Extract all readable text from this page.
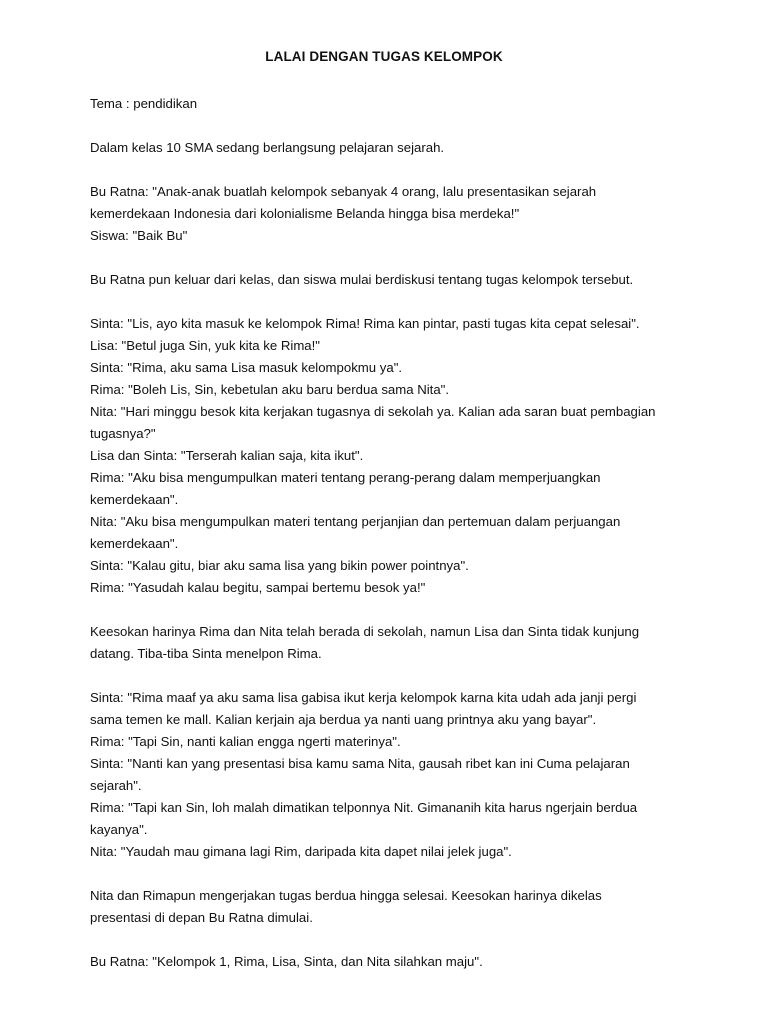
LALAI DENGAN TUGAS KELOMPOK
Tema : pendidikan
Dalam kelas 10 SMA sedang berlangsung pelajaran sejarah.
Bu Ratna: "Anak-anak buatlah kelompok sebanyak 4 orang, lalu presentasikan sejarah
kemerdekaan Indonesia dari kolonialisme Belanda hingga bisa merdeka!"
Siswa: "Baik Bu"
Bu Ratna pun keluar dari kelas, dan siswa mulai berdiskusi tentang tugas kelompok tersebut.
Sinta: "Lis, ayo kita masuk ke kelompok Rima! Rima kan pintar, pasti tugas kita cepat selesai".
Lisa: "Betul juga Sin, yuk kita ke Rima!"
Sinta: "Rima, aku sama Lisa masuk kelompokmu ya".
Rima: "Boleh Lis, Sin, kebetulan aku baru berdua sama Nita".
Nita: "Hari minggu besok kita kerjakan tugasnya di sekolah ya. Kalian ada saran buat pembagian
tugasnya?"
Lisa dan Sinta: "Terserah kalian saja, kita ikut".
Rima: "Aku bisa mengumpulkan materi tentang perang-perang dalam memperjuangkan
kemerdekaan".
Nita: "Aku bisa mengumpulkan materi tentang perjanjian dan pertemuan dalam perjuangan
kemerdekaan".
Sinta: "Kalau gitu, biar aku sama lisa yang bikin power pointnya".
Rima: "Yasudah kalau begitu, sampai bertemu besok ya!"
Keesokan harinya Rima dan Nita telah berada di sekolah, namun Lisa dan Sinta tidak kunjung
datang. Tiba-tiba Sinta menelpon Rima.
Sinta: "Rima maaf ya aku sama lisa gabisa ikut kerja kelompok karna kita udah ada janji pergi
sama temen ke mall. Kalian kerjain aja berdua ya nanti uang printnya aku yang bayar".
Rima: "Tapi Sin, nanti kalian engga ngerti materinya".
Sinta: "Nanti kan yang presentasi bisa kamu sama Nita, gausah ribet kan ini Cuma pelajaran
sejarah".
Rima: "Tapi kan Sin, loh malah dimatikan telponnya Nit. Gimananih kita harus ngerjain berdua
kayanya".
Nita: "Yaudah mau gimana lagi Rim, daripada kita dapet nilai jelek juga".
Nita dan Rimapun mengerjakan tugas berdua hingga selesai. Keesokan harinya dikelas
presentasi di depan Bu Ratna dimulai.
Bu Ratna: "Kelompok 1, Rima, Lisa, Sinta, dan Nita silahkan maju".
